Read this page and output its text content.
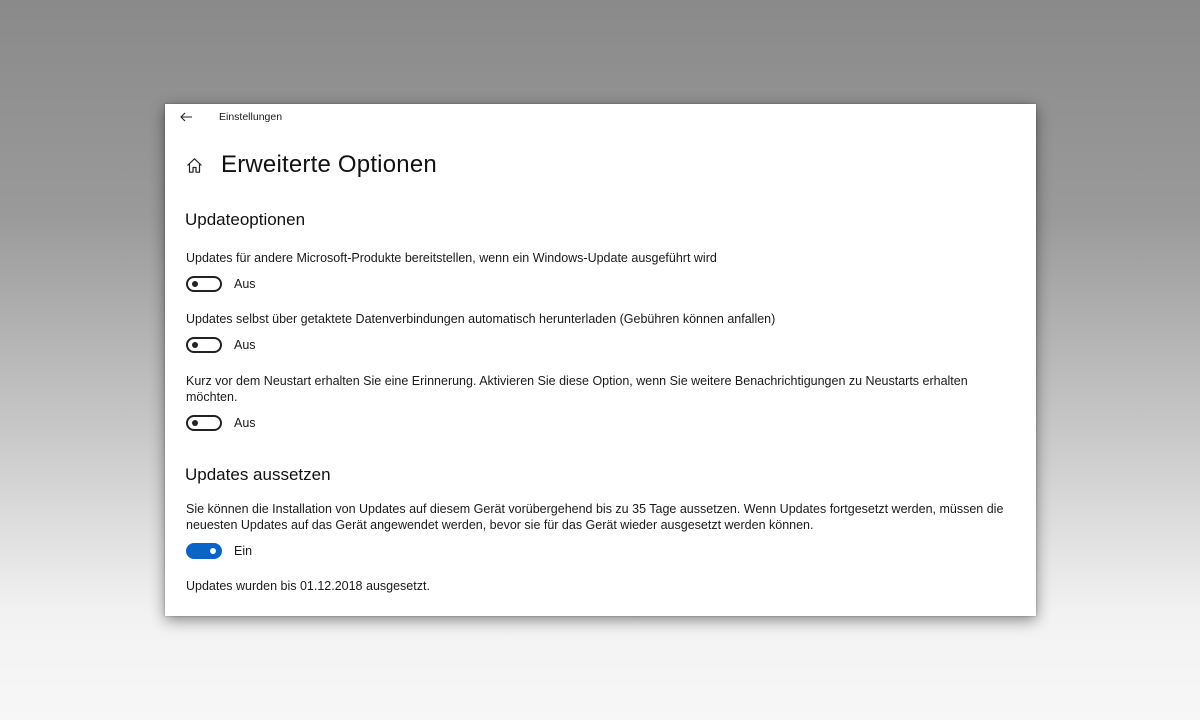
Einstellungen
Erweiterte Optionen
Updateoptionen
Updates für andere Microsoft-Produkte bereitstellen, wenn ein Windows-Update ausgeführt wird
Aus
Updates selbst über getaktete Datenverbindungen automatisch herunterladen (Gebühren können anfallen)
Aus
Kurz vor dem Neustart erhalten Sie eine Erinnerung. Aktivieren Sie diese Option, wenn Sie weitere Benachrichtigungen zu Neustarts erhalten möchten.
Aus
Updates aussetzen
Sie können die Installation von Updates auf diesem Gerät vorübergehend bis zu 35 Tage aussetzen. Wenn Updates fortgesetzt werden, müssen die neuesten Updates auf das Gerät angewendet werden, bevor sie für das Gerät wieder ausgesetzt werden können.
Ein
Updates wurden bis 01.12.2018 ausgesetzt.
